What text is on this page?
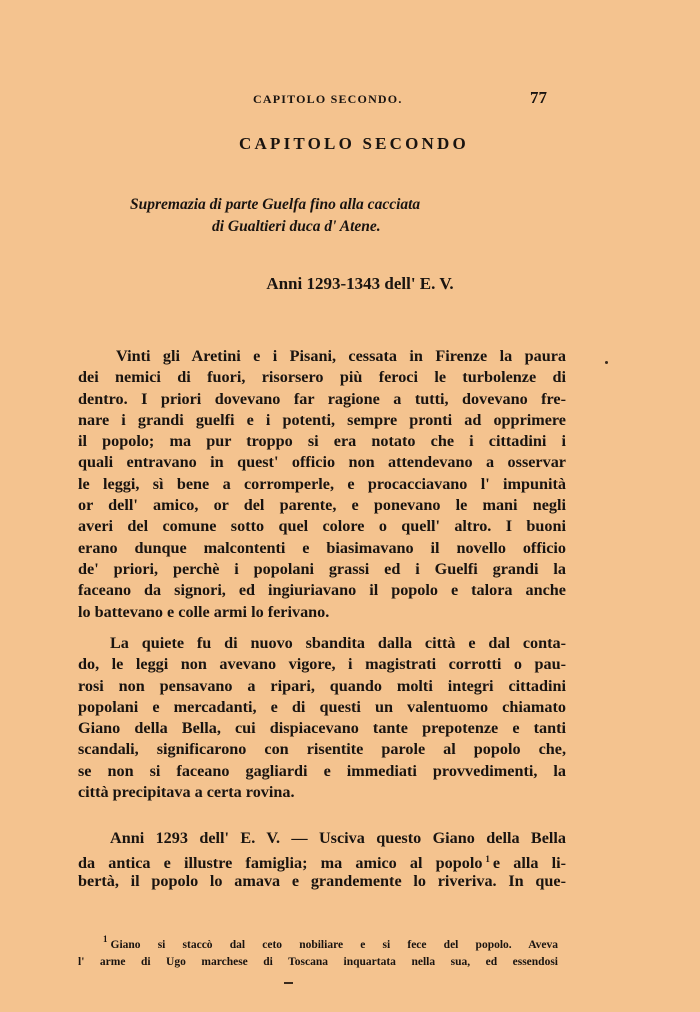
CAPITOLO SECONDO.	77
CAPITOLO SECONDO
Supremazia di parte Guelfa fino alla cacciata
di Gualtieri duca d' Atene.
Anni 1293-1343 dell' E. V.
Vinti gli Aretini e i Pisani, cessata in Firenze la paura
dei nemici di fuori, risorsero più feroci le turbolenze di
dentro. I priori dovevano far ragione a tutti, dovevano fre-
nare i grandi guelfi e i potenti, sempre pronti ad opprimere
il popolo; ma pur troppo si era notato che i cittadini i
quali entravano in quest' officio non attendevano a osservar
le leggi, sì bene a corromperle, e procacciavano l' impunità
or dell' amico, or del parente, e ponevano le mani negli
averi del comune sotto quel colore o quell' altro. I buoni
erano dunque malcontenti e biasimavano il novello officio
de' priori, perchè i popolani grassi ed i Guelfi grandi la
faceano da signori, ed ingiuriavano il popolo e talora anche
lo battevano e colle armi lo ferivano.
La quiete fu di nuovo sbandita dalla città e dal conta-
do, le leggi non avevano vigore, i magistrati corrotti o pau-
rosi non pensavano a ripari, quando molti integri cittadini
popolani e mercadanti, e di questi un valentuomo chiamato
Giano della Bella, cui dispiacevano tante prepotenze e tanti
scandali, significarono con risentite parole al popolo che,
se non si faceano gagliardi e immediati provvedimenti, la
città precipitava a certa rovina.
Anni 1293 dell' E. V. — Usciva questo Giano della Bella
da antica e illustre famiglia; ma amico al popolo $^1$ e alla li-
bertà, il popolo lo amava e grandemente lo riveriva. In que-
$^1$ Giano si staccò dal ceto nobiliare e si fece del popolo. Aveva
l' arme di Ugo marchese di Toscana inquartata nella sua, ed essendosi
